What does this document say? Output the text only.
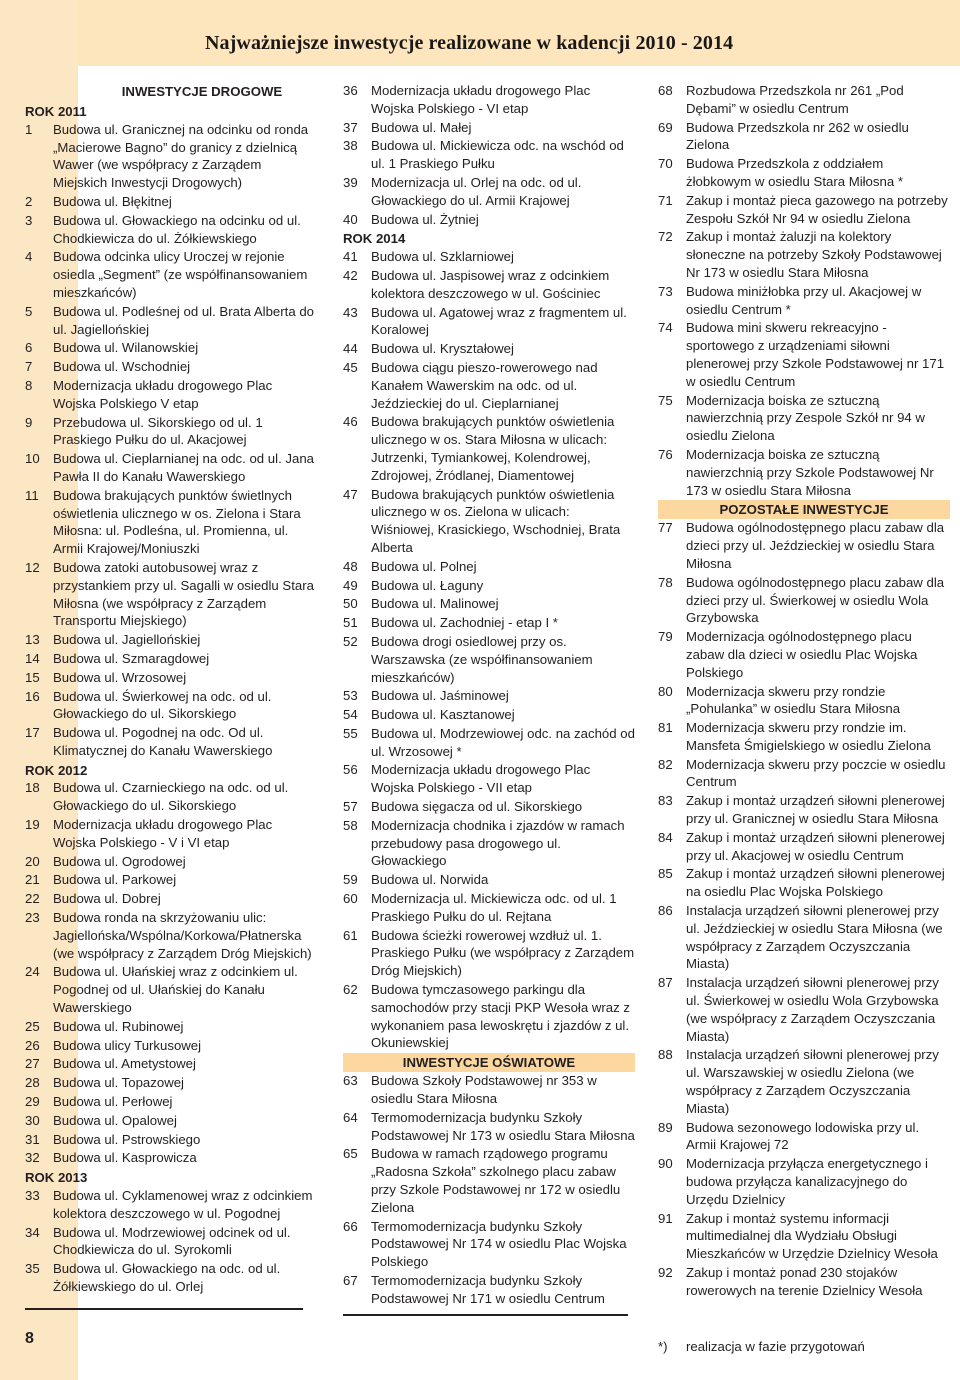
Najważniejsze inwestycje realizowane w kadencji 2010 - 2014
INWESTYCJE DROGOWE
ROK 2011
1	Budowa ul. Granicznej na odcinku od ronda „Macierowe Bagno” do granicy z dzielnicą Wawer (we współpracy z Zarządem Miejskich Inwestycji Drogowych)
2	Budowa ul. Błękitnej
3	Budowa ul. Głowackiego na odcinku od ul. Chodkiewicza do ul. Żółkiewskiego
4	Budowa odcinka ulicy Uroczej w rejonie osiedla „Segment” (ze współfinansowaniem mieszkańców)
5	Budowa ul. Podleśnej od ul. Brata Alberta do ul. Jagiellońskiej
6	Budowa ul. Wilanowskiej
7	Budowa ul. Wschodniej
8	Modernizacja układu drogowego Plac Wojska Polskiego V etap
9	Przebudowa ul. Sikorskiego od ul. 1 Praskiego Pułku do ul. Akacjowej
10	Budowa ul. Cieplarnianej na odc. od ul. Jana Pawła II do Kanału Wawerskiego
11	Budowa brakujących punktów świetlnych oświetlenia ulicznego w os. Zielona i Stara Miłosna: ul. Podleśna, ul. Promienna, ul. Armii Krajowej/Moniuszki
12	Budowa zatoki autobusowej wraz z przystankiem przy ul. Sagalli w osiedlu Stara Miłosna (we współpracy z Zarządem Transportu Miejskiego)
13	Budowa ul. Jagiellońskiej
14	Budowa ul. Szmaragdowej
15	Budowa ul. Wrzosowej
16	Budowa ul. Świerkowej na odc. od ul. Głowackiego do ul. Sikorskiego
17	Budowa ul. Pogodnej na odc. Od ul. Klimatycznej do Kanału Wawerskiego
ROK 2012
18	Budowa ul. Czarnieckiego na odc. od ul. Głowackiego do ul. Sikorskiego
19	Modernizacja układu drogowego Plac Wojska Polskiego - V i VI etap
20	Budowa ul. Ogrodowej
21	Budowa ul. Parkowej
22	Budowa ul. Dobrej
23	Budowa ronda na skrzyżowaniu ulic: Jagiellońska/Wspólna/Korkowa/Płatnerska (we współpracy z Zarządem Dróg Miejskich)
24	Budowa ul. Ułańskiej wraz z odcinkiem ul. Pogodnej od ul. Ułańskiej do Kanału Wawerskiego
25	Budowa ul. Rubinowej
26	Budowa ulicy Turkusowej
27	Budowa ul. Ametystowej
28	Budowa ul. Topazowej
29	Budowa ul. Perłowej
30	Budowa ul. Opalowej
31	Budowa ul. Pstrowskiego
32	Budowa ul. Kasprowicza
ROK 2013
33	Budowa ul. Cyklamenowej wraz z odcinkiem kolektora deszczowego w ul. Pogodnej
34	Budowa ul. Modrzewiowej odcinek od ul. Chodkiewicza do ul. Syrokomli
35	Budowa ul. Głowackiego na odc. od ul. Żółkiewskiego do ul. Orlej
36	Modernizacja układu drogowego Plac Wojska Polskiego - VI etap
37	Budowa ul. Małej
38	Budowa ul. Mickiewicza odc. na wschód od ul. 1 Praskiego Pułku
39	Modernizacja ul. Orlej na odc. od ul. Głowackiego do ul. Armii Krajowej
40	Budowa ul. Żytniej
ROK 2014
41	Budowa ul. Szklarniowej
42	Budowa ul. Jaspisowej wraz z odcinkiem kolektora deszczowego w ul. Gościniec
43	Budowa ul. Agatowej wraz z fragmentem ul. Koralowej
44	Budowa ul. Kryształowej
45	Budowa ciągu pieszo-rowerowego nad Kanałem Wawerskim na odc. od ul. Jeździeckiej do ul. Cieplarnianej
46	Budowa brakujących punktów oświetlenia ulicznego w os. Stara Miłosna w ulicach: Jutrzenki, Tymiankowej, Kolendrowej, Zdrojowej, Źródlanej, Diamentowej
47	Budowa brakujących punktów oświetlenia ulicznego w os. Zielona w ulicach: Wiśniowej, Krasickiego, Wschodniej, Brata Alberta
48	Budowa ul. Polnej
49	Budowa ul. Łaguny
50	Budowa ul. Malinowej
51	Budowa ul. Zachodniej - etap I *
52	Budowa drogi osiedlowej przy os. Warszawska (ze współfinansowaniem mieszkańców)
53	Budowa ul. Jaśminowej
54	Budowa ul. Kasztanowej
55	Budowa ul. Modrzewiowej odc. na zachód od ul. Wrzosowej *
56	Modernizacja układu drogowego Plac Wojska Polskiego - VII etap
57	Budowa sięgacza od ul. Sikorskiego
58	Modernizacja chodnika i zjazdów w ramach przebudowy pasa drogowego ul. Głowackiego
59	Budowa ul. Norwida
60	Modernizacja ul. Mickiewicza odc. od ul. 1 Praskiego Pułku do ul. Rejtana
61	Budowa ścieżki rowerowej wzdłuż ul. 1. Praskiego Pułku (we współpracy z Zarządem Dróg Miejskich)
62	Budowa tymczasowego parkingu dla samochodów przy stacji PKP Wesoła wraz z wykonaniem pasa lewoskrętu i zjazdów z ul. Okuniewskiej
INWESTYCJE OŚWIATOWE
63	Budowa Szkoły Podstawowej nr 353 w osiedlu Stara Miłosna
64	Termomodernizacja budynku Szkoły Podstawowej Nr 173 w osiedlu Stara Miłosna
65	Budowa w ramach rządowego programu „Radosna Szkoła” szkolnego placu zabaw przy Szkole Podstawowej nr 172 w osiedlu Zielona
66	Termomodernizacja budynku Szkoły Podstawowej Nr 174 w osiedlu Plac Wojska Polskiego
67	Termomodernizacja budynku Szkoły Podstawowej Nr 171 w osiedlu Centrum
68	Rozbudowa Przedszkola nr 261 „Pod Dębami” w osiedlu Centrum
69	Budowa Przedszkola nr 262 w osiedlu Zielona
70	Budowa Przedszkola z oddziałem żłobkowym w osiedlu Stara Miłosna *
71	Zakup i montaż pieca gazowego na potrzeby Zespołu Szkół Nr 94 w osiedlu Zielona
72	Zakup i montaż żaluzji na kolektory słoneczne na potrzeby Szkoły Podstawowej Nr 173 w osiedlu Stara Miłosna
73	Budowa miniżłobka przy ul. Akacjowej w osiedlu Centrum *
74	Budowa mini skweru rekreacyjno - sportowego z urządzeniami siłowni plenerowej przy Szkole Podstawowej nr 171 w osiedlu Centrum
75	Modernizacja boiska ze sztuczną nawierzchnią przy Zespole Szkół nr 94 w osiedlu Zielona
76	Modernizacja boiska ze sztuczną nawierzchnią przy Szkole Podstawowej Nr 173 w osiedlu Stara Miłosna
POZOSTAŁE INWESTYCJE
77	Budowa ogólnodostępnego placu zabaw dla dzieci przy ul. Jeździeckiej w osiedlu Stara Miłosna
78	Budowa ogólnodostępnego placu zabaw dla dzieci przy ul. Świerkowej w osiedlu Wola Grzybowska
79	Modernizacja ogólnodostępnego placu zabaw dla dzieci w osiedlu Plac Wojska Polskiego
80	Modernizacja skweru przy rondzie „Pohulanka” w osiedlu Stara Miłosna
81	Modernizacja skweru przy rondzie im. Mansfeta Śmigielskiego w osiedlu Zielona
82	Modernizacja skweru przy poczcie w osiedlu Centrum
83	Zakup i montaż urządzeń siłowni plenerowej przy ul. Granicznej w osiedlu Stara Miłosna
84	Zakup i montaż urządzeń siłowni plenerowej przy ul. Akacjowej w osiedlu Centrum
85	Zakup i montaż urządzeń siłowni plenerowej na osiedlu Plac Wojska Polskiego
86	Instalacja urządzeń siłowni plenerowej przy ul. Jeździeckiej w osiedlu Stara Miłosna (we współpracy z Zarządem Oczyszczania Miasta)
87	Instalacja urządzeń siłowni plenerowej przy ul. Świerkowej w osiedlu Wola Grzybowska (we współpracy z Zarządem Oczyszczania Miasta)
88	Instalacja urządzeń siłowni plenerowej przy ul. Warszawskiej w osiedlu Zielona (we współpracy z Zarządem Oczyszczania Miasta)
89	Budowa sezonowego lodowiska przy ul. Armii Krajowej 72
90	Modernizacja przyłącza energetycznego i budowa przyłącza kanalizacyjnego do Urzędu Dzielnicy
91	Zakup i montaż systemu informacji multimedialnej dla Wydziału Obsługi Mieszkańców w Urzędzie Dzielnicy Wesoła
92	Zakup i montaż ponad 230 stojaków rowerowych na terenie Dzielnicy Wesoła
*)	realizacja w fazie przygotowań
8
